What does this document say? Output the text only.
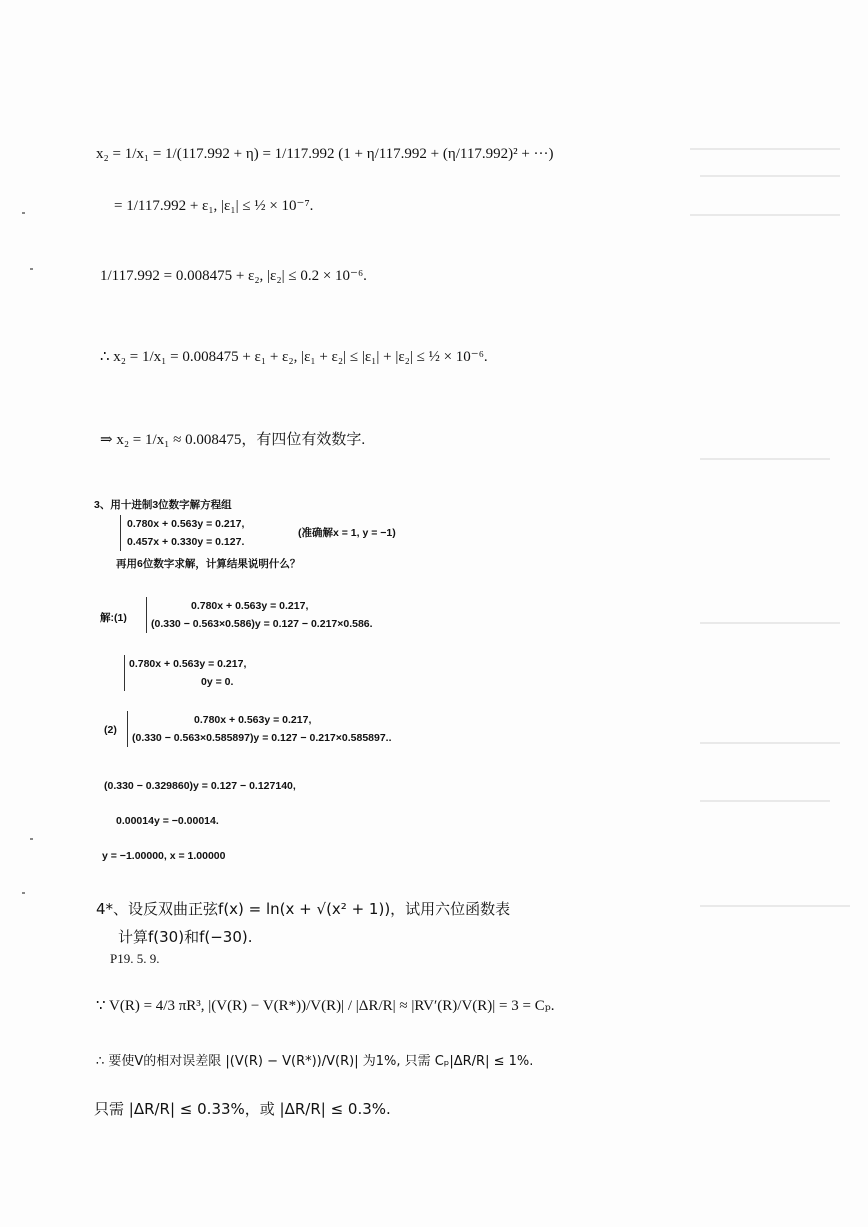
x₂ = 1/x₁ = 1/(117.992 + η) = 1/117.992 (1 + η/117.992 + (η/117.992)² + ···)
= 1/117.992 + ε₁, |ε₁| ≤ ½ × 10⁻⁷.
1/117.992 = 0.008475 + ε₂, |ε₂| ≤ 0.2 × 10⁻⁶.
∴ x₂ = 1/x₁ = 0.008475 + ε₁ + ε₂, |ε₁ + ε₂| ≤ |ε₁| + |ε₂| ≤ ½ × 10⁻⁶.
⇒ x₂ = 1/x₁ ≈ 0.008475，有四位有效数字.
3、用十进制3位数字解方程组
0.780x + 0.563y = 0.217,
0.457x + 0.330y = 0.127.
(准确解x = 1, y = −1)
再用6位数字求解，计算结果说明什么？
解:(1)
0.780x + 0.563y = 0.217,
(0.330 − 0.563×0.586)y = 0.127 − 0.217×0.586.
0.780x + 0.563y = 0.217,
0y = 0.
(2)
0.780x + 0.563y = 0.217,
(0.330 − 0.563×0.585897)y = 0.127 − 0.217×0.585897..
(0.330 − 0.329860)y = 0.127 − 0.127140,
0.00014y = −0.00014.
y = −1.00000, x = 1.00000
4*、设反双曲正弦f(x) = ln(x + √(x² + 1))，试用六位函数表
计算f(30)和f(−30).
P19. 5. 9.
∵ V(R) = 4/3 πR³, |(V(R) − V(R*))/V(R)| / |ΔR/R| ≈ |RV′(R)/V(R)| = 3 = Cₚ.
∴ 要使V的相对误差限 |(V(R) − V(R*))/V(R)| 为1%, 只需 Cₚ|ΔR/R| ≤ 1%.
只需 |ΔR/R| ≤ 0.33%，或 |ΔR/R| ≤ 0.3%.
